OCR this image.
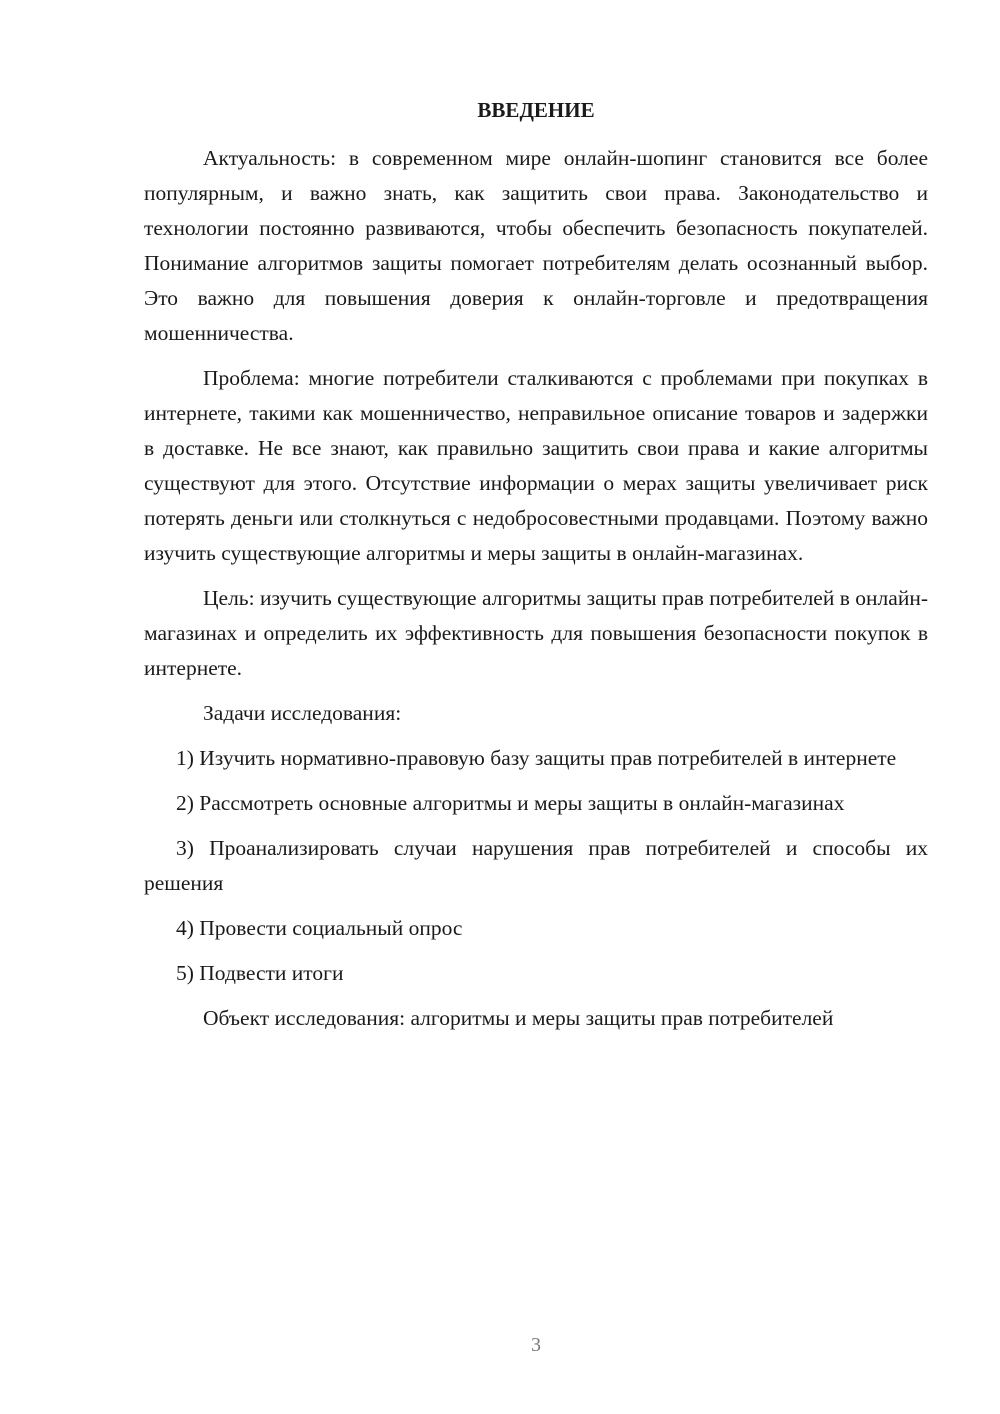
ВВЕДЕНИЕ

Актуальность: в современном мире онлайн-шопинг становится все более популярным, и важно знать, как защитить свои права. Законодательство и технологии постоянно развиваются, чтобы обеспечить безопасность покупателей. Понимание алгоритмов защиты помогает потребителям делать осознанный выбор. Это важно для повышения доверия к онлайн-торговле и предотвращения мошенничества.

Проблема: многие потребители сталкиваются с проблемами при покупках в интернете, такими как мошенничество, неправильное описание товаров и задержки в доставке. Не все знают, как правильно защитить свои права и какие алгоритмы существуют для этого. Отсутствие информации о мерах защиты увеличивает риск потерять деньги или столкнуться с недобросовестными продавцами. Поэтому важно изучить существующие алгоритмы и меры защиты в онлайн-магазинах.

Цель: изучить существующие алгоритмы защиты прав потребителей в онлайн-магазинах и определить их эффективность для повышения безопасности покупок в интернете.

Задачи исследования:

1) Изучить нормативно-правовую базу защиты прав потребителей в интернете

2) Рассмотреть основные алгоритмы и меры защиты в онлайн-магазинах

3) Проанализировать случаи нарушения прав потребителей и способы их решения

4) Провести социальный опрос

5) Подвести итоги

Объект исследования: алгоритмы и меры защиты прав потребителей

3
